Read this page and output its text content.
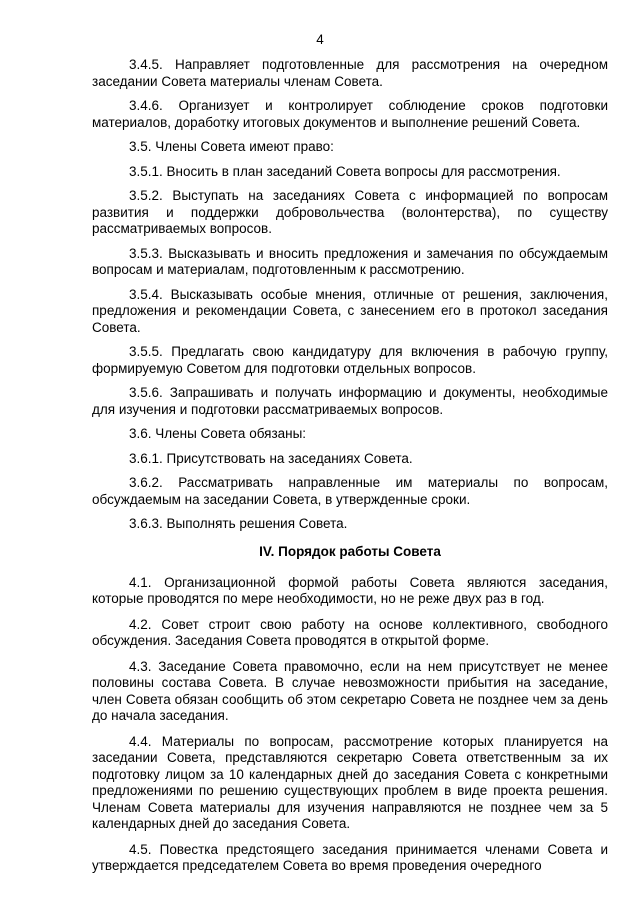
4

3.4.5. Направляет подготовленные для рассмотрения на очередном заседании Совета материалы членам Совета.

3.4.6. Организует и контролирует соблюдение сроков подготовки материалов, доработку итоговых документов и выполнение решений Совета.

3.5. Члены Совета имеют право:

3.5.1. Вносить в план заседаний Совета вопросы для рассмотрения.

3.5.2. Выступать на заседаниях Совета с информацией по вопросам развития и поддержки добровольчества (волонтерства), по существу рассматриваемых вопросов.

3.5.3. Высказывать и вносить предложения и замечания по обсуждаемым вопросам и материалам, подготовленным к рассмотрению.

3.5.4. Высказывать особые мнения, отличные от решения, заключения, предложения и рекомендации Совета, с занесением его в протокол заседания Совета.

3.5.5. Предлагать свою кандидатуру для включения в рабочую группу, формируемую Советом для подготовки отдельных вопросов.

3.5.6. Запрашивать и получать информацию и документы, необходимые для изучения и подготовки рассматриваемых вопросов.

3.6. Члены Совета обязаны:

3.6.1. Присутствовать на заседаниях Совета.

3.6.2. Рассматривать направленные им материалы по вопросам, обсуждаемым на заседании Совета, в утвержденные сроки.

3.6.3. Выполнять решения Совета.

IV. Порядок работы Совета

4.1. Организационной формой работы Совета являются заседания, которые проводятся по мере необходимости, но не реже двух раз в год.

4.2. Совет строит свою работу на основе коллективного, свободного обсуждения. Заседания Совета проводятся в открытой форме.

4.3. Заседание Совета правомочно, если на нем присутствует не менее половины состава Совета. В случае невозможности прибытия на заседание, член Совета обязан сообщить об этом секретарю Совета не позднее чем за день до начала заседания.

4.4. Материалы по вопросам, рассмотрение которых планируется на заседании Совета, представляются секретарю Совета ответственным за их подготовку лицом за 10 календарных дней до заседания Совета с конкретными предложениями по решению существующих проблем в виде проекта решения. Членам Совета материалы для изучения направляются не позднее чем за 5 календарных дней до заседания Совета.

4.5. Повестка предстоящего заседания принимается членами Совета и утверждается председателем Совета во время проведения очередного
